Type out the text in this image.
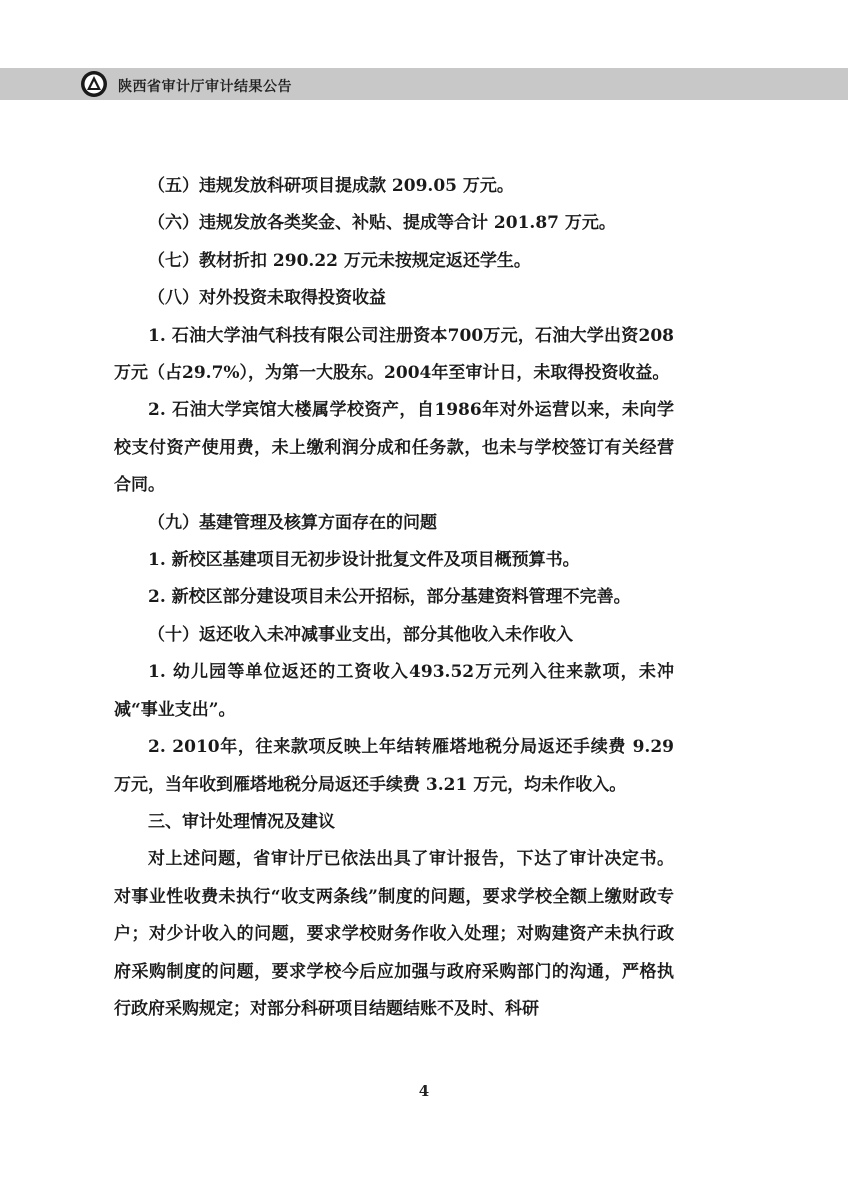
陕西省审计厅审计结果公告

（五）违规发放科研项目提成款 209.05 万元。

（六）违规发放各类奖金、补贴、提成等合计 201.87 万元。

（七）教材折扣 290.22 万元未按规定返还学生。

（八）对外投资未取得投资收益

1. 石油大学油气科技有限公司注册资本700万元，石油大学出资208万元（占29.7%），为第一大股东。2004年至审计日，未取得投资收益。

2. 石油大学宾馆大楼属学校资产，自1986年对外运营以来，未向学校支付资产使用费，未上缴利润分成和任务款，也未与学校签订有关经营合同。

（九）基建管理及核算方面存在的问题

1. 新校区基建项目无初步设计批复文件及项目概预算书。

2. 新校区部分建设项目未公开招标，部分基建资料管理不完善。

（十）返还收入未冲减事业支出，部分其他收入未作收入

1. 幼儿园等单位返还的工资收入493.52万元列入往来款项，未冲减“事业支出”。

2. 2010年，往来款项反映上年结转雁塔地税分局返还手续费 9.29 万元，当年收到雁塔地税分局返还手续费 3.21 万元，均未作收入。

三、审计处理情况及建议

对上述问题，省审计厅已依法出具了审计报告，下达了审计决定书。对事业性收费未执行“收支两条线”制度的问题，要求学校全额上缴财政专户；对少计收入的问题，要求学校财务作收入处理；对购建资产未执行政府采购制度的问题，要求学校今后应加强与政府采购部门的沟通，严格执行政府采购规定；对部分科研项目结题结账不及时、科研

4
